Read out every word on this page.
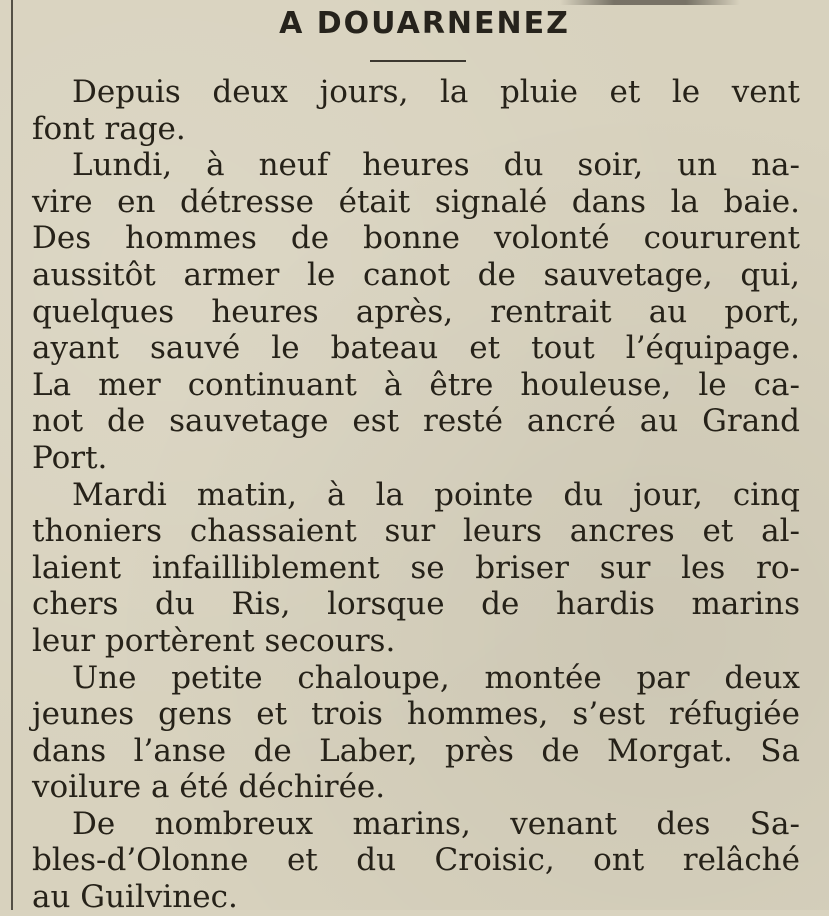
A DOUARNENEZ
Depuis deux jours, la pluie et le vent
font rage.
Lundi, à neuf heures du soir, un na-
vire en détresse était signalé dans la baie.
Des hommes de bonne volonté coururent
aussitôt armer le canot de sauvetage, qui,
quelques heures après, rentrait au port,
ayant sauvé le bateau et tout l’équipage.
La mer continuant à être houleuse, le ca-
not de sauvetage est resté ancré au Grand
Port.
Mardi matin, à la pointe du jour, cinq
thoniers chassaient sur leurs ancres et al-
laient infailliblement se briser sur les ro-
chers du Ris, lorsque de hardis marins
leur portèrent secours.
Une petite chaloupe, montée par deux
jeunes gens et trois hommes, s’est réfugiée
dans l’anse de Laber, près de Morgat. Sa
voilure a été déchirée.
De nombreux marins, venant des Sa-
bles-d’Olonne et du Croisic, ont relâché
au Guilvinec.
